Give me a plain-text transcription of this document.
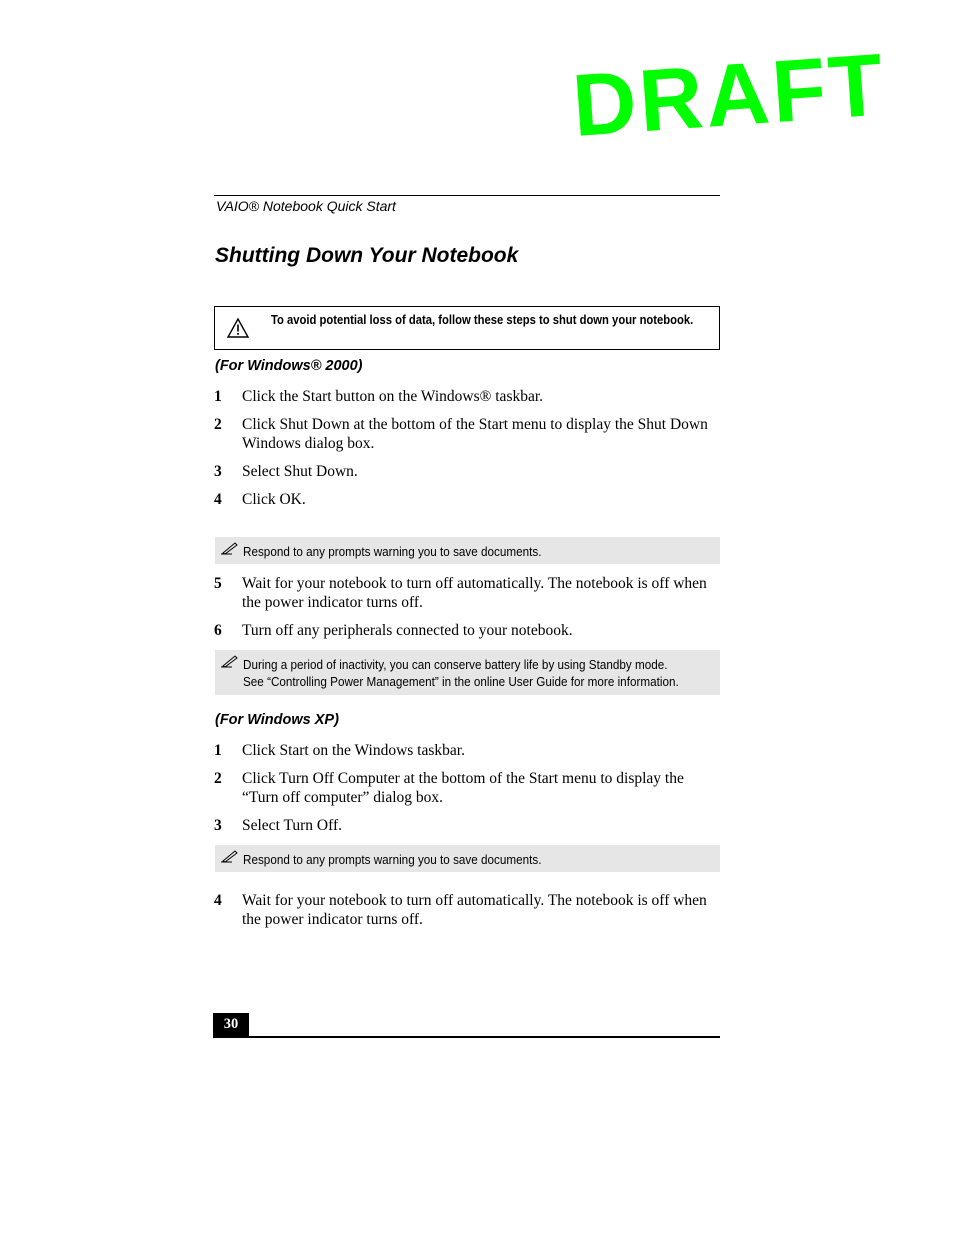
DRAFT
VAIO® Notebook Quick Start
Shutting Down Your Notebook
To avoid potential loss of data, follow these steps to shut down your notebook.
(For Windows® 2000)
1 Click the Start button on the Windows® taskbar.
2 Click Shut Down at the bottom of the Start menu to display the Shut Down Windows dialog box.
3 Select Shut Down.
4 Click OK.
Respond to any prompts warning you to save documents.
5 Wait for your notebook to turn off automatically. The notebook is off when the power indicator turns off.
6 Turn off any peripherals connected to your notebook.
During a period of inactivity, you can conserve battery life by using Standby mode.
See “Controlling Power Management” in the online User Guide for more information.
(For Windows XP)
1 Click Start on the Windows taskbar.
2 Click Turn Off Computer at the bottom of the Start menu to display the “Turn off computer” dialog box.
3 Select Turn Off.
Respond to any prompts warning you to save documents.
4 Wait for your notebook to turn off automatically. The notebook is off when the power indicator turns off.
30
